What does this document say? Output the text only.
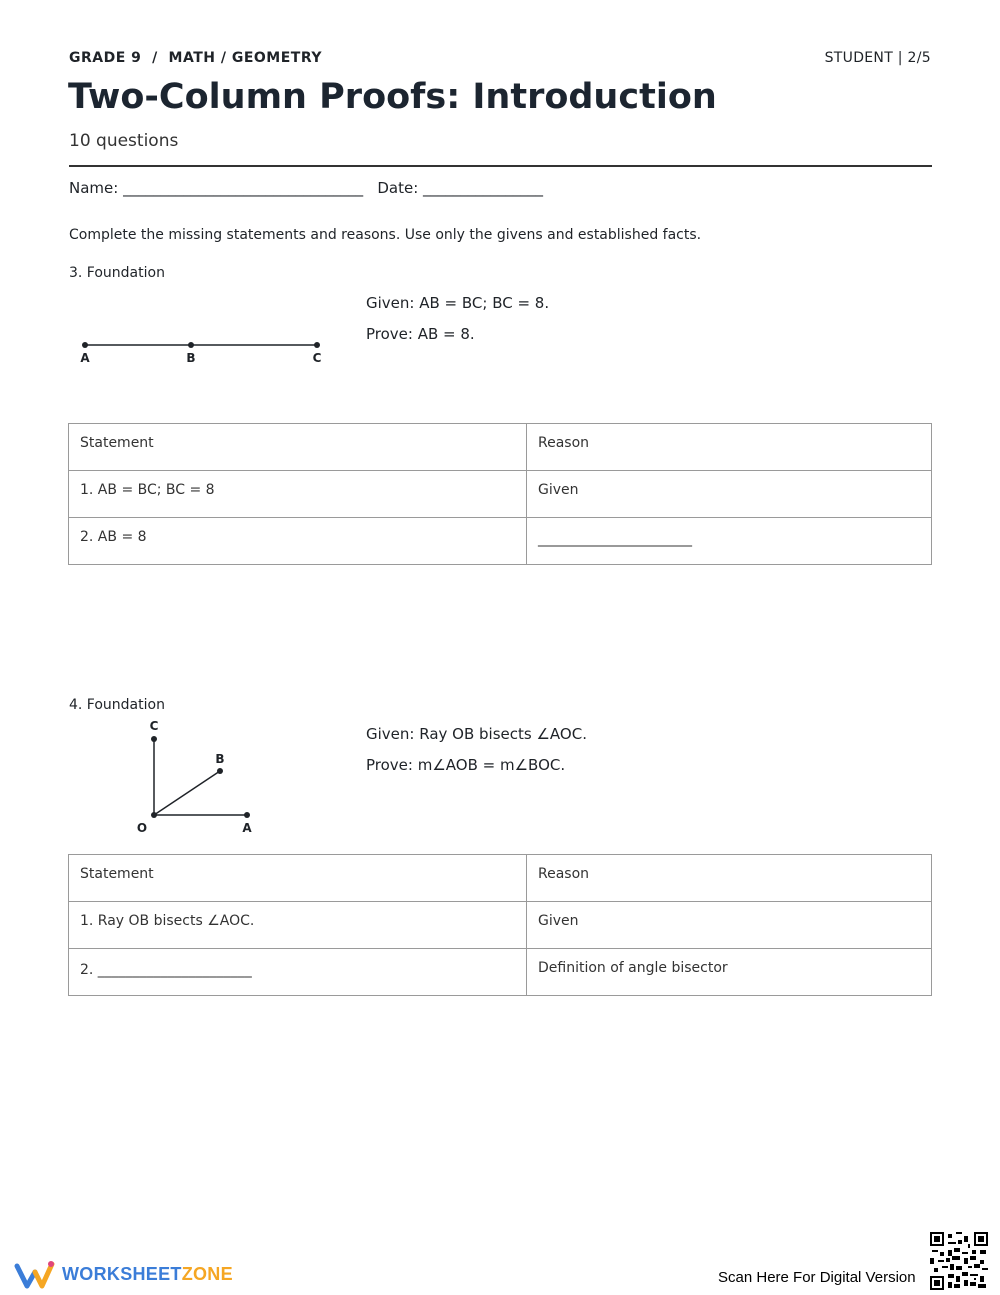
GRADE 9  /  MATH / GEOMETRY	STUDENT | 2/5
Two-Column Proofs: Introduction
10 questions
Name: ________________________________   Date: ________________
Complete the missing statements and reasons. Use only the givens and established facts.
3. Foundation
A	B	C
Given: AB = BC; BC = 8.
Prove: AB = 8.
Statement	Reason
1. AB = BC; BC = 8	Given
2. AB = 8	______________________
4. Foundation
C
B
O	A
Given: Ray OB bisects ∠AOC.
Prove: m∠AOB = m∠BOC.
Statement	Reason
1. Ray OB bisects ∠AOC.	Given
2. ______________________	Definition of angle bisector
WORKSHEETZONE	Scan Here For Digital Version
